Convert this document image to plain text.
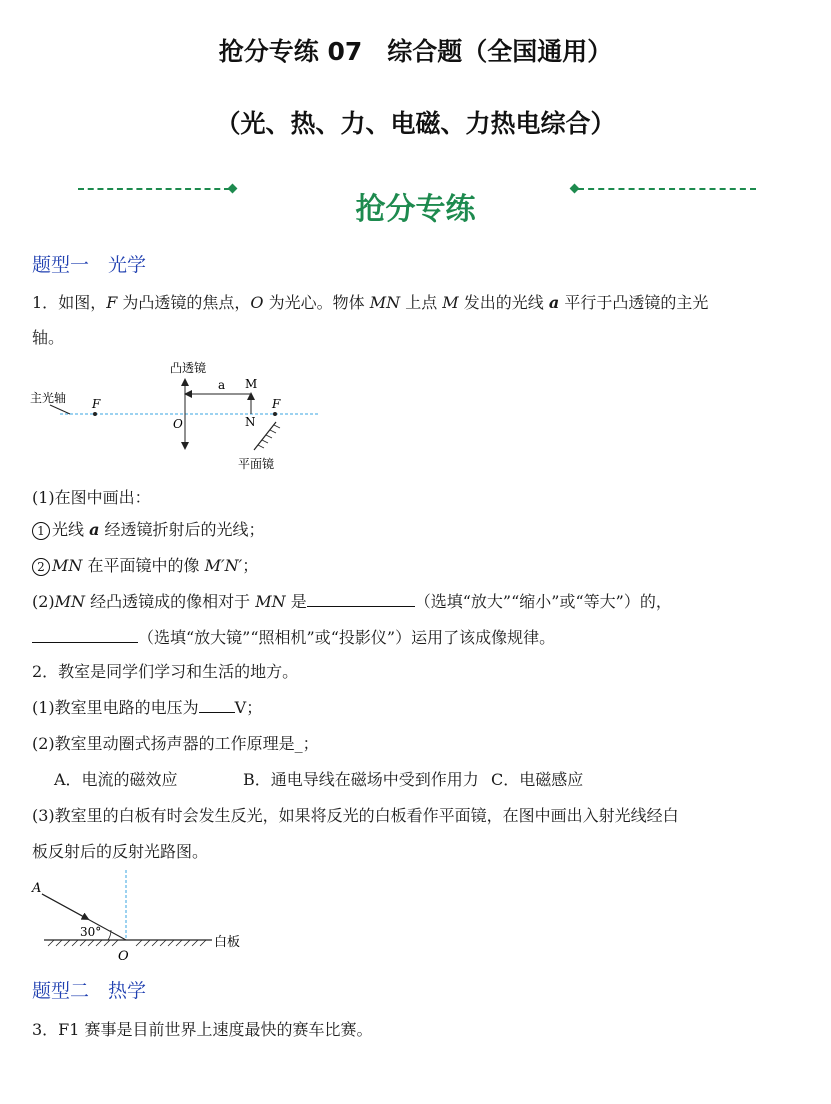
抢分专练 07　综合题（全国通用）
（光、热、力、电磁、力热电综合）
抢分专练
题型一　光学
1．如图，F 为凸透镜的焦点，O 为光心。物体 MN 上点 M 发出的光线 a 平行于凸透镜的主光
轴。
凸透镜
主光轴 F	F
O
a M
N
平面镜
(1)在图中画出：
1 光线 a 经透镜折射后的光线；
2 MN 在平面镜中的像 M′N′；
(2)MN 经凸透镜成的像相对于 MN 是	（选填“放大”“缩小”或“等大”）的，
（选填“放大镜”“照相机”或“投影仪”）运用了该成像规律。
2．教室是同学们学习和生活的地方。
(1)教室里电路的电压为 V；
(2)教室里动圈式扬声器的工作原理是_；
A．电流的磁效应	B．通电导线在磁场中受到作用力 C．电磁感应
(3)教室里的白板有时会发生反光，如果将反光的白板看作平面镜，在图中画出入射光线经白
板反射后的反射光路图。
A
30°
O
白板
题型二　热学
3．F1 赛事是目前世界上速度最快的赛车比赛。
